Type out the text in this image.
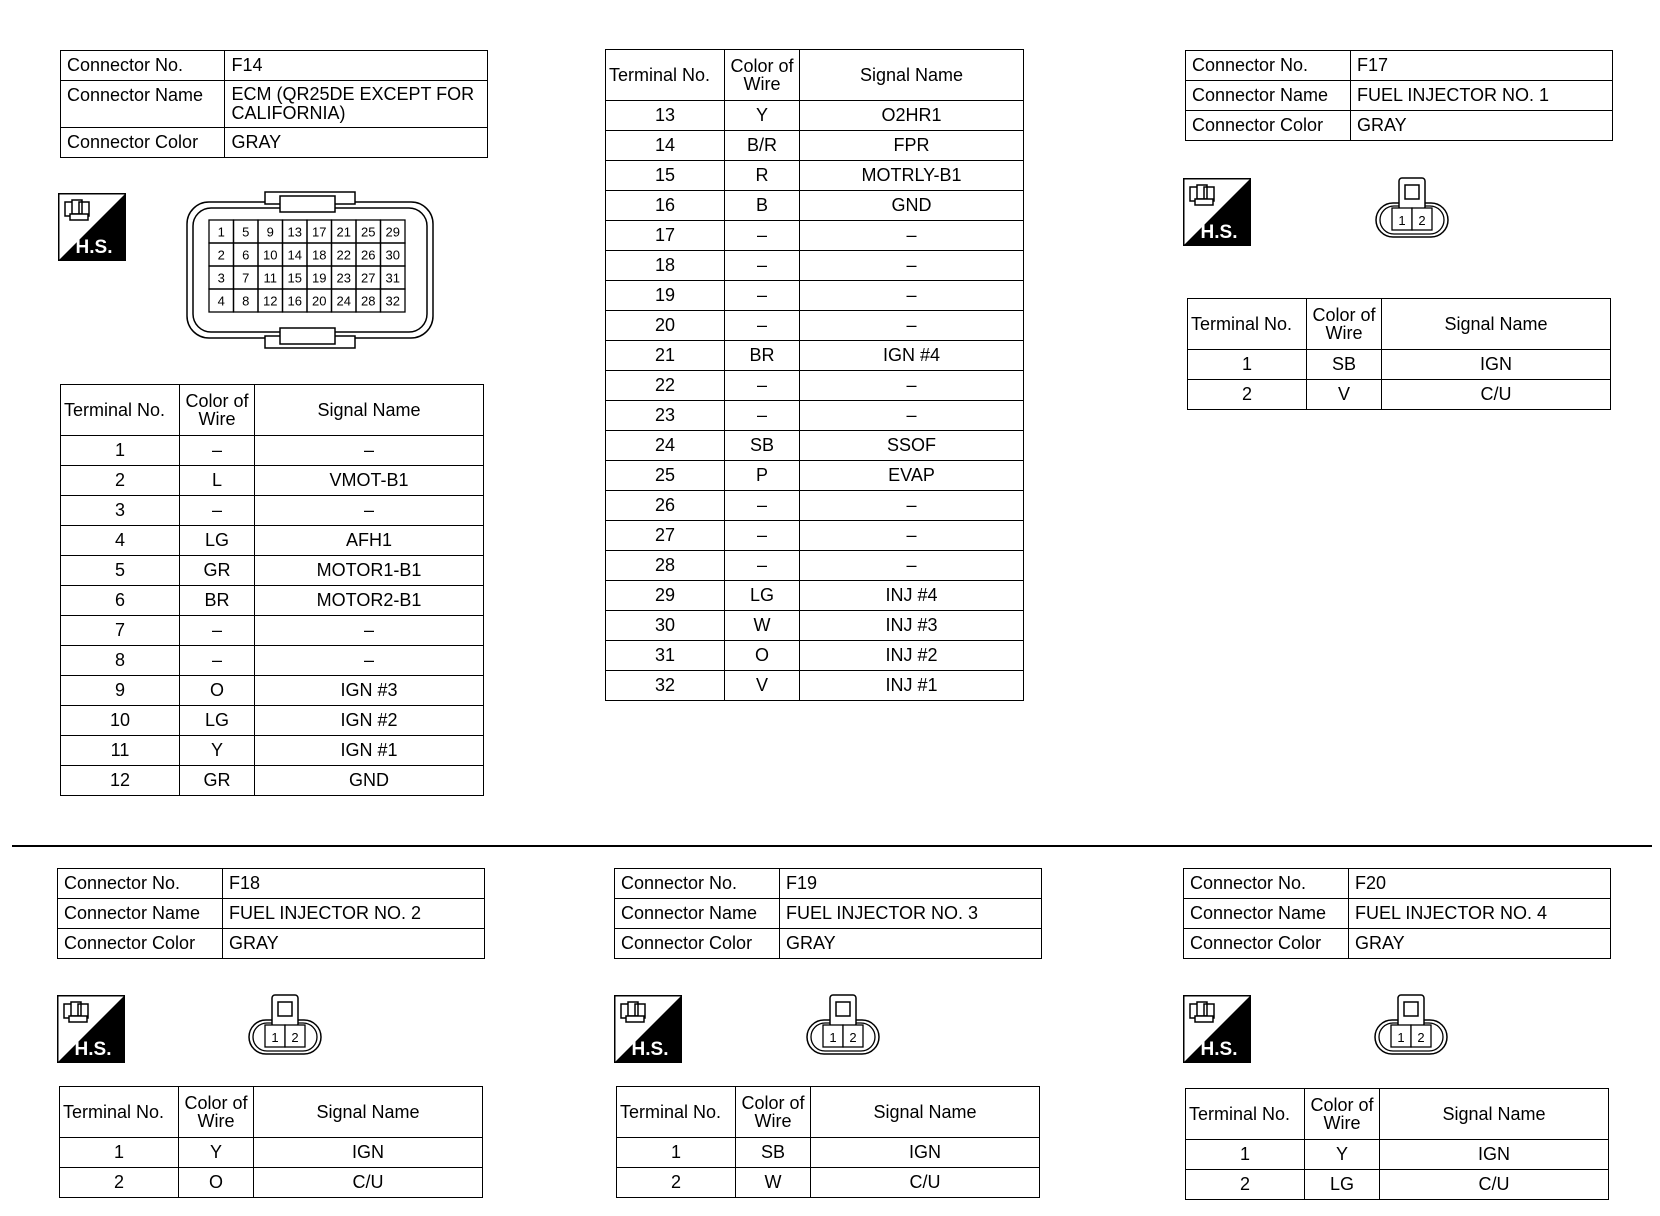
Connector No.	F14
Connector Name	ECM (QR25DE EXCEPT FOR CALIFORNIA)
Connector Color	GRAY
H.S.
1 5 9 13 17 21 25 29
2 6 10 14 18 22 26 30
3 7 11 15 19 23 27 31
4 8 12 16 20 24 28 32
Terminal No.	Color of Wire	Signal Name
1	–	–
2	L	VMOT-B1
3	–	–
4	LG	AFH1
5	GR	MOTOR1-B1
6	BR	MOTOR2-B1
7	–	–
8	–	–
9	O	IGN #3
10	LG	IGN #2
11	Y	IGN #1
12	GR	GND
Terminal No.	Color of Wire	Signal Name
13	Y	O2HR1
14	B/R	FPR
15	R	MOTRLY-B1
16	B	GND
17	–	–
18	–	–
19	–	–
20	–	–
21	BR	IGN #4
22	–	–
23	–	–
24	SB	SSOF
25	P	EVAP
26	–	–
27	–	–
28	–	–
29	LG	INJ #4
30	W	INJ #3
31	O	INJ #2
32	V	INJ #1
Connector No.	F17
Connector Name	FUEL INJECTOR NO. 1
Connector Color	GRAY
H.S.
1 2
Terminal No.	Color of Wire	Signal Name
1	SB	IGN
2	V	C/U
Connector No.	F18
Connector Name	FUEL INJECTOR NO. 2
Connector Color	GRAY
H.S.
1 2
Terminal No.	Color of Wire	Signal Name
1	Y	IGN
2	O	C/U
Connector No.	F19
Connector Name	FUEL INJECTOR NO. 3
Connector Color	GRAY
H.S.
1 2
Terminal No.	Color of Wire	Signal Name
1	SB	IGN
2	W	C/U
Connector No.	F20
Connector Name	FUEL INJECTOR NO. 4
Connector Color	GRAY
H.S.
1 2
Terminal No.	Color of Wire	Signal Name
1	Y	IGN
2	LG	C/U
